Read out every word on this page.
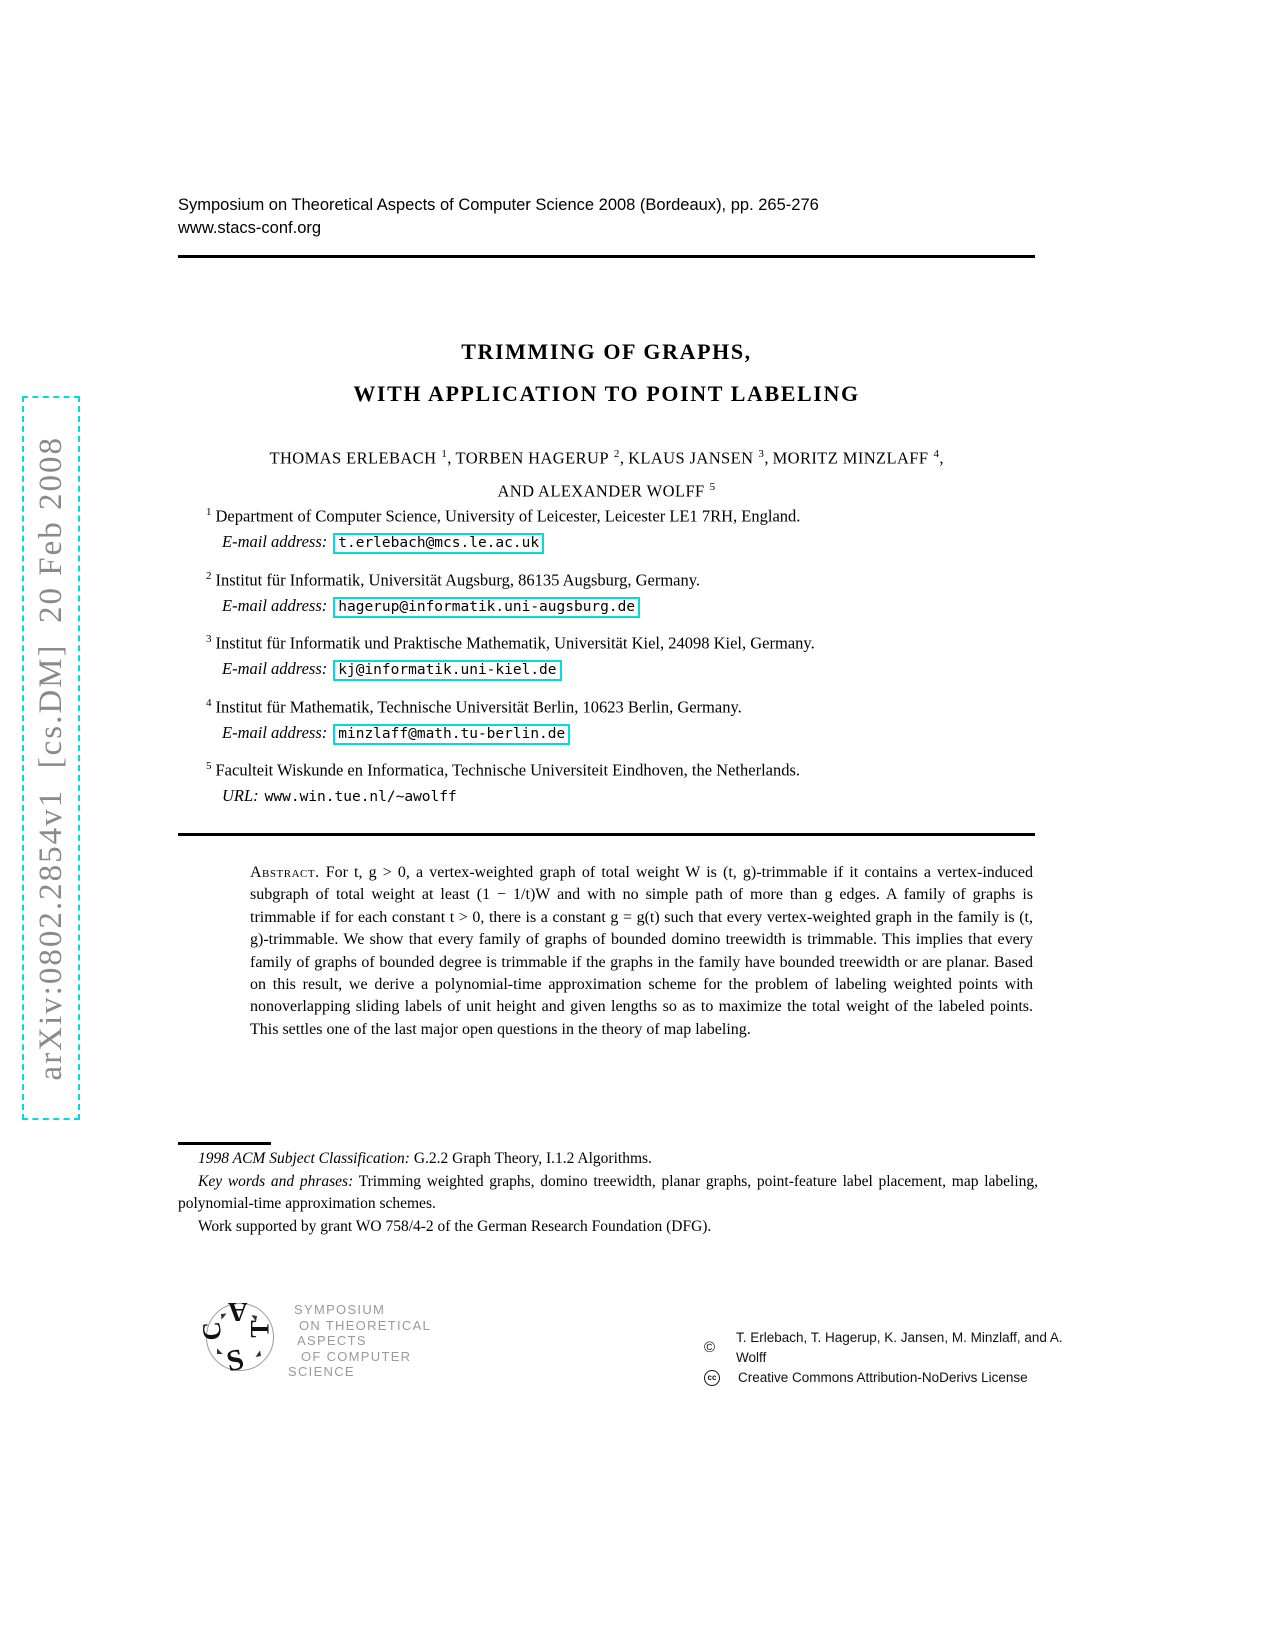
arXiv:0802.2854v1  [cs.DM]  20 Feb 2008
Symposium on Theoretical Aspects of Computer Science 2008 (Bordeaux), pp. 265-276
www.stacs-conf.org
TRIMMING OF GRAPHS,
WITH APPLICATION TO POINT LABELING
THOMAS ERLEBACH $^1$, TORBEN HAGERUP $^2$, KLAUS JANSEN $^3$, MORITZ MINZLAFF $^4$,
AND ALEXANDER WOLFF $^5$
$^1$ Department of Computer Science, University of Leicester, Leicester LE1 7RH, England.
E-mail address: t.erlebach@mcs.le.ac.uk
$^2$ Institut für Informatik, Universität Augsburg, 86135 Augsburg, Germany.
E-mail address: hagerup@informatik.uni-augsburg.de
$^3$ Institut für Informatik und Praktische Mathematik, Universität Kiel, 24098 Kiel, Germany.
E-mail address: kj@informatik.uni-kiel.de
$^4$ Institut für Mathematik, Technische Universität Berlin, 10623 Berlin, Germany.
E-mail address: minzlaff@math.tu-berlin.de
$^5$ Faculteit Wiskunde en Informatica, Technische Universiteit Eindhoven, the Netherlands.
URL: www.win.tue.nl/~awolff
Abstract. For t, g > 0, a vertex-weighted graph of total weight W is (t, g)-trimmable if it contains a vertex-induced subgraph of total weight at least (1 − 1/t)W and with no simple path of more than g edges. A family of graphs is trimmable if for each constant t > 0, there is a constant g = g(t) such that every vertex-weighted graph in the family is (t, g)-trimmable. We show that every family of graphs of bounded domino treewidth is trimmable. This implies that every family of graphs of bounded degree is trimmable if the graphs in the family have bounded treewidth or are planar. Based on this result, we derive a polynomial-time approximation scheme for the problem of labeling weighted points with nonoverlapping sliding labels of unit height and given lengths so as to maximize the total weight of the labeled points. This settles one of the last major open questions in the theory of map labeling.

1998 ACM Subject Classification: G.2.2 Graph Theory, I.1.2 Algorithms.

Key words and phrases: Trimming weighted graphs, domino treewidth, planar graphs, point-feature label placement, map labeling, polynomial-time approximation schemes.

Work supported by grant WO 758/4-2 of the German Research Foundation (DFG).

A
C T
S
SYMPOSIUM
ON THEORETICAL
ASPECTS
OF COMPUTER
SCIENCE
©
T. Erlebach, T. Hagerup, K. Jansen, M. Minzlaff, and A. Wolff
cc Creative Commons Attribution-NoDerivs License
